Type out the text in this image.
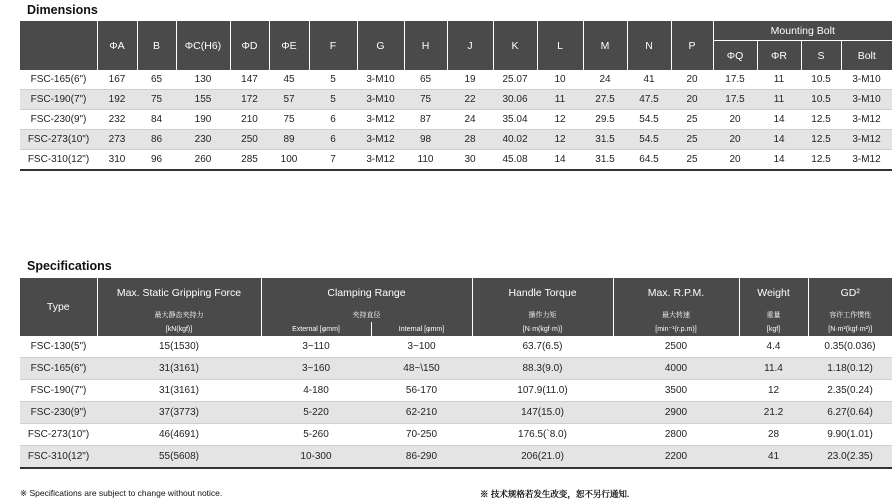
Dimensions
	ΦA	B	ΦC(H6)	ΦD	ΦE	F	G	H	J	K	L	M	N	P	Mounting Bolt			
															ΦQ	ΦR	S	Bolt
FSC-165(6")	167	65	130	147	45	5	3-M10	65	19	25.07	10	24	41	20	17.5	11	10.5	3-M10
FSC-190(7")	192	75	155	172	57	5	3-M10	75	22	30.06	11	27.5	47.5	20	17.5	11	10.5	3-M10
FSC-230(9")	232	84	190	210	75	6	3-M12	87	24	35.04	12	29.5	54.5	25	20	14	12.5	3-M12
FSC-273(10")	273	86	230	250	89	6	3-M12	98	28	40.02	12	31.5	54.5	25	20	14	12.5	3-M12
FSC-310(12")	310	96	260	285	100	7	3-M12	110	30	45.08	14	31.5	64.5	25	20	14	12.5	3-M12
Specifications
Type	Max. Static Gripping Force	Clamping Range		Handle Torque	Max. R.P.M.	Weight	GD²
	最大静态夹持力	夹持直径		操作力矩	最大转速	重量	容许工作惯性
	[kN(kgf)]	External [φmm]	Internal [φmm]	[N·m(kgf·m)]	[min⁻¹(r.p.m)]	[kgf]	[N·m²(kgf·m²)]
FSC-130(5")	15(1530)	3~110	3~100	63.7(6.5)	2500	4.4	0.35(0.036)
FSC-165(6")	31(3161)	3~160	48~\150	88.3(9.0)	4000	11.4	1.18(0.12)
FSC-190(7")	31(3161)	4-180	56-170	107.9(11.0)	3500	12	2.35(0.24)
FSC-230(9")	37(3773)	5-220	62-210	147(15.0)	2900	21.2	6.27(0.64)
FSC-273(10")	46(4691)	5-260	70-250	176.5(`8.0)	2800	28	9.90(1.01)
FSC-310(12")	55(5608)	10-300	86-290	206(21.0)	2200	41	23.0(2.35)
※ Specifications are subject to change without notice.	※ 技术规格若发生改变，恕不另行通知.
